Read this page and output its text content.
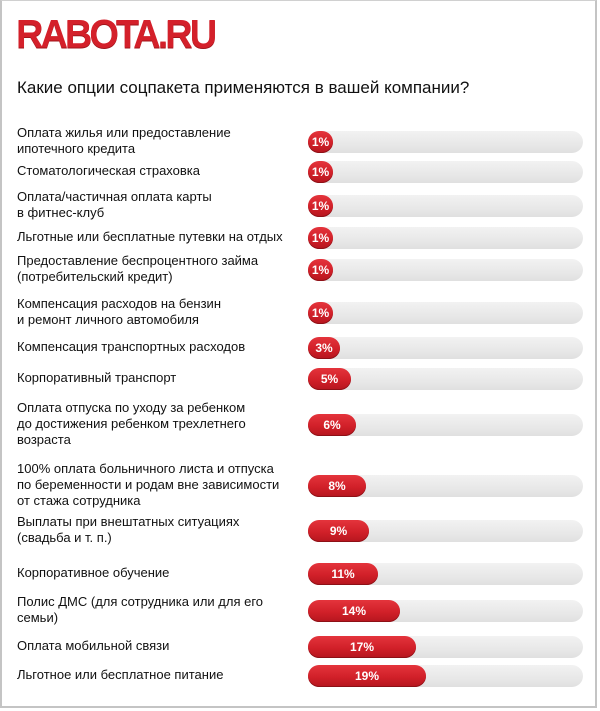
RABOTA.RU
Какие опции соцпакета применяются в вашей компании?
Оплата жилья или предоставление
ипотечного кредита	1%
Стоматологическая страховка	1%
Оплата/частичная оплата карты
в фитнес-клуб	1%
Льготные или бесплатные путевки на отдых	1%
Предоставление беспроцентного займа
(потребительский кредит)	1%
Компенсация расходов на бензин
и ремонт личного автомобиля	1%
Компенсация транспортных расходов	3%
Корпоративный транспорт	5%
Оплата отпуска по уходу за ребенком
до достижения ребенком трехлетнего
возраста
6%
100% оплата больничного листа и отпуска
по беременности и родам вне зависимости
от стажа сотрудника
8%
Выплаты при внештатных ситуациях
(свадьба и т. п.)	9%
Корпоративное обучение	11%
Полис ДМС (для сотрудника или для его
семьи)	14%
Оплата мобильной связи	17%
Льготное или бесплатное питание	19%
